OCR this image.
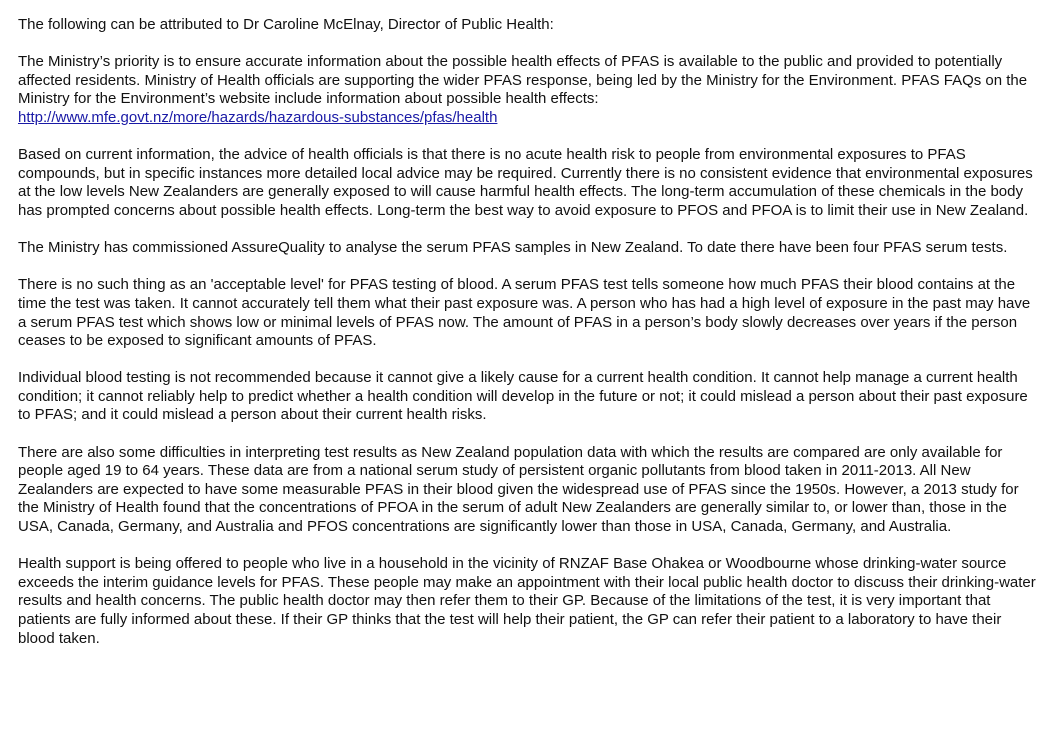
The following can be attributed to Dr Caroline McElnay, Director of Public Health:

The Ministry’s priority is to ensure accurate information about the possible health effects of PFAS is available to the public and provided to potentially affected residents. Ministry of Health officials are supporting the wider PFAS response, being led by the Ministry for the Environment. PFAS FAQs on the Ministry for the Environment’s website include information about possible health effects:
http://www.mfe.govt.nz/more/hazards/hazardous-substances/pfas/health

Based on current information, the advice of health officials is that there is no acute health risk to people from environmental exposures to PFAS compounds, but in specific instances more detailed local advice may be required. Currently there is no consistent evidence that environmental exposures at the low levels New Zealanders are generally exposed to will cause harmful health effects. The long-term accumulation of these chemicals in the body has prompted concerns about possible health effects. Long-term the best way to avoid exposure to PFOS and PFOA is to limit their use in New Zealand.

The Ministry has commissioned AssureQuality to analyse the serum PFAS samples in New Zealand. To date there have been four PFAS serum tests.

There is no such thing as an 'acceptable level' for PFAS testing of blood. A serum PFAS test tells someone how much PFAS their blood contains at the time the test was taken. It cannot accurately tell them what their past exposure was. A person who has had a high level of exposure in the past may have a serum PFAS test which shows low or minimal levels of PFAS now. The amount of PFAS in a person’s body slowly decreases over years if the person ceases to be exposed to significant amounts of PFAS.

Individual blood testing is not recommended because it cannot give a likely cause for a current health condition. It cannot help manage a current health condition; it cannot reliably help to predict whether a health condition will develop in the future or not; it could mislead a person about their past exposure to PFAS; and it could mislead a person about their current health risks.

There are also some difficulties in interpreting test results as New Zealand population data with which the results are compared are only available for people aged 19 to 64 years. These data are from a national serum study of persistent organic pollutants from blood taken in 2011-2013. All New Zealanders are expected to have some measurable PFAS in their blood given the widespread use of PFAS since the 1950s. However, a 2013 study for the Ministry of Health found that the concentrations of PFOA in the serum of adult New Zealanders are generally similar to, or lower than, those in the USA, Canada, Germany, and Australia and PFOS concentrations are significantly lower than those in USA, Canada, Germany, and Australia.

Health support is being offered to people who live in a household in the vicinity of RNZAF Base Ohakea or Woodbourne whose drinking-water source exceeds the interim guidance levels for PFAS. These people may make an appointment with their local public health doctor to discuss their drinking-water results and health concerns. The public health doctor may then refer them to their GP. Because of the limitations of the test, it is very important that patients are fully informed about these. If their GP thinks that the test will help their patient, the GP can refer their patient to a laboratory to have their blood taken.
